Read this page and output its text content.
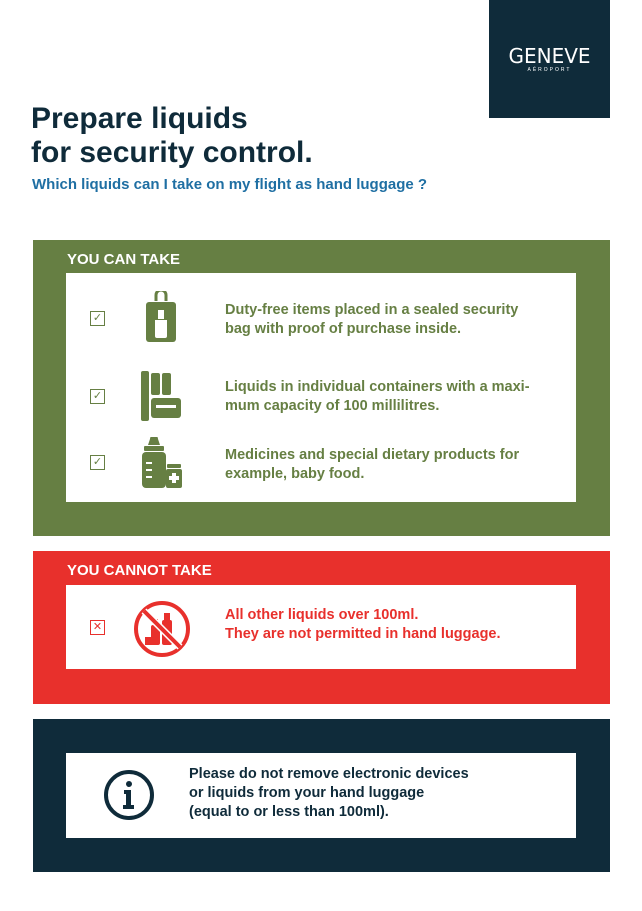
GENEVE
AÉROPORT
Prepare liquids
for security control.

Which liquids can I take on my flight as hand luggage ?

YOU CAN TAKE
✓	Duty-free items placed in a sealed security
bag with proof of purchase inside.
✓
Liquids in individual containers with a maxi-
mum capacity of 100 millilitres.
✓	Medicines and special dietary products for
example, baby food.
YOU CANNOT TAKE
✕
All other liquids over 100ml.
They are not permitted in hand luggage.
Please do not remove electronic devices
or liquids from your hand luggage
(equal to or less than 100ml).
